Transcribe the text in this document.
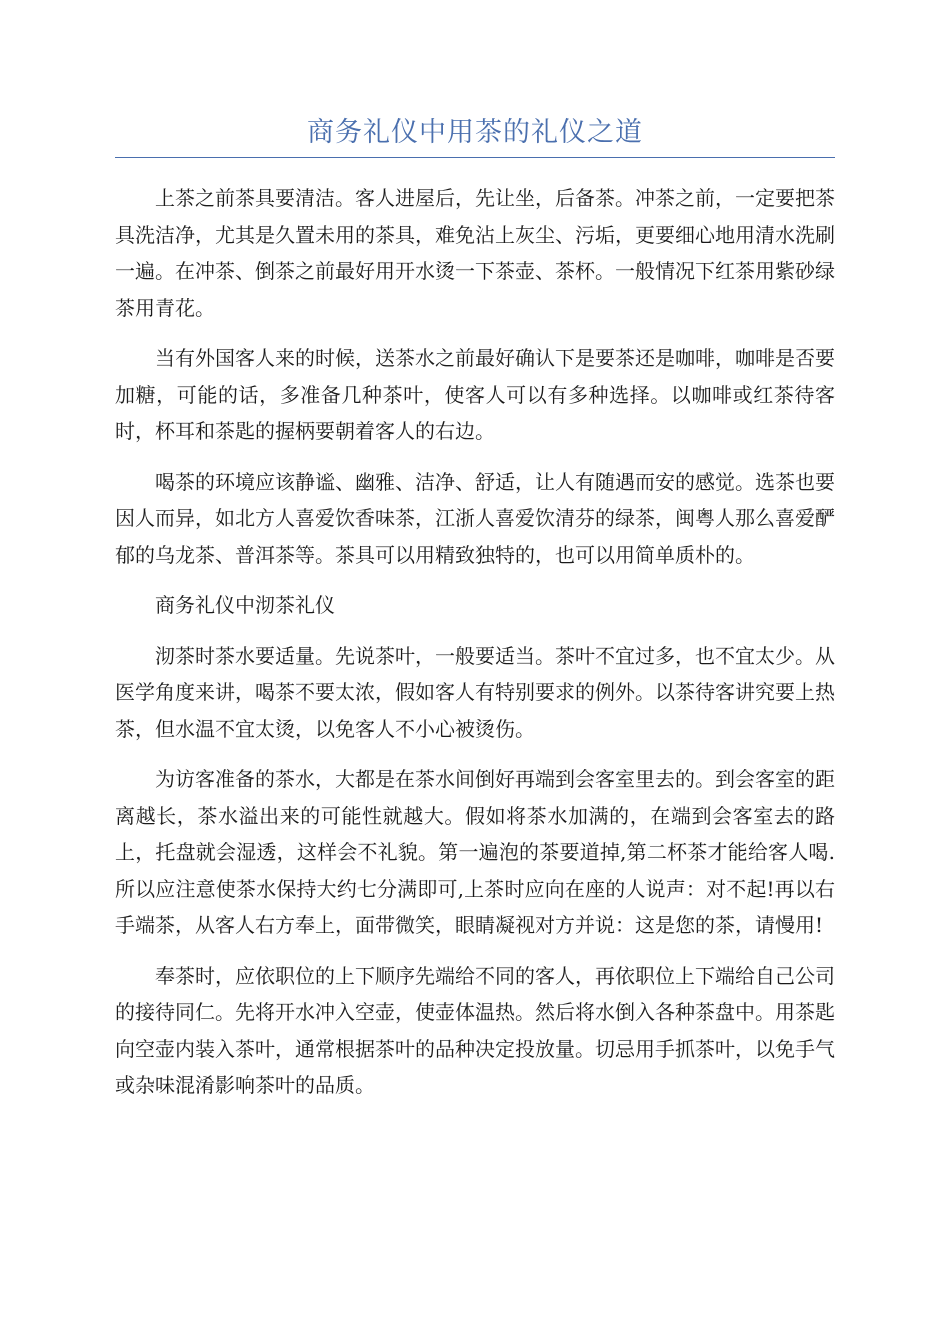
商务礼仪中用茶的礼仪之道

上茶之前茶具要清洁。客人进屋后，先让坐，后备茶。冲茶之前，一定要把茶具洗洁净，尤其是久置未用的茶具，难免沾上灰尘、污垢，更要细心地用清水洗刷一遍。在冲茶、倒茶之前最好用开水烫一下茶壶、茶杯。一般情况下红茶用紫砂绿茶用青花。

当有外国客人来的时候，送茶水之前最好确认下是要茶还是咖啡，咖啡是否要加糖，可能的话，多准备几种茶叶，使客人可以有多种选择。以咖啡或红茶待客时，杯耳和茶匙的握柄要朝着客人的右边。

喝茶的环境应该静谧、幽雅、洁净、舒适，让人有随遇而安的感觉。选茶也要因人而异，如北方人喜爱饮香味茶，江浙人喜爱饮清芬的绿茶，闽粤人那么喜爱酽郁的乌龙茶、普洱茶等。茶具可以用精致独特的，也可以用简单质朴的。

商务礼仪中沏茶礼仪

沏茶时茶水要适量。先说茶叶，一般要适当。茶叶不宜过多，也不宜太少。从医学角度来讲，喝茶不要太浓，假如客人有特别要求的例外。以茶待客讲究要上热茶，但水温不宜太烫，以免客人不小心被烫伤。

为访客准备的茶水，大都是在茶水间倒好再端到会客室里去的。到会客室的距离越长，茶水溢出来的可能性就越大。假如将茶水加满的，在端到会客室去的路上，托盘就会湿透，这样会不礼貌。第一遍泡的茶要道掉,第二杯茶才能给客人喝.所以应注意使茶水保持大约七分满即可,上茶时应向在座的人说声：对不起!再以右手端茶，从客人右方奉上，面带微笑，眼睛凝视对方并说：这是您的茶，请慢用!

奉茶时，应依职位的上下顺序先端给不同的客人，再依职位上下端给自己公司的接待同仁。先将开水冲入空壶，使壶体温热。然后将水倒入各种茶盘中。用茶匙向空壶内装入茶叶，通常根据茶叶的品种决定投放量。切忌用手抓茶叶，以免手气或杂味混淆影响茶叶的品质。
